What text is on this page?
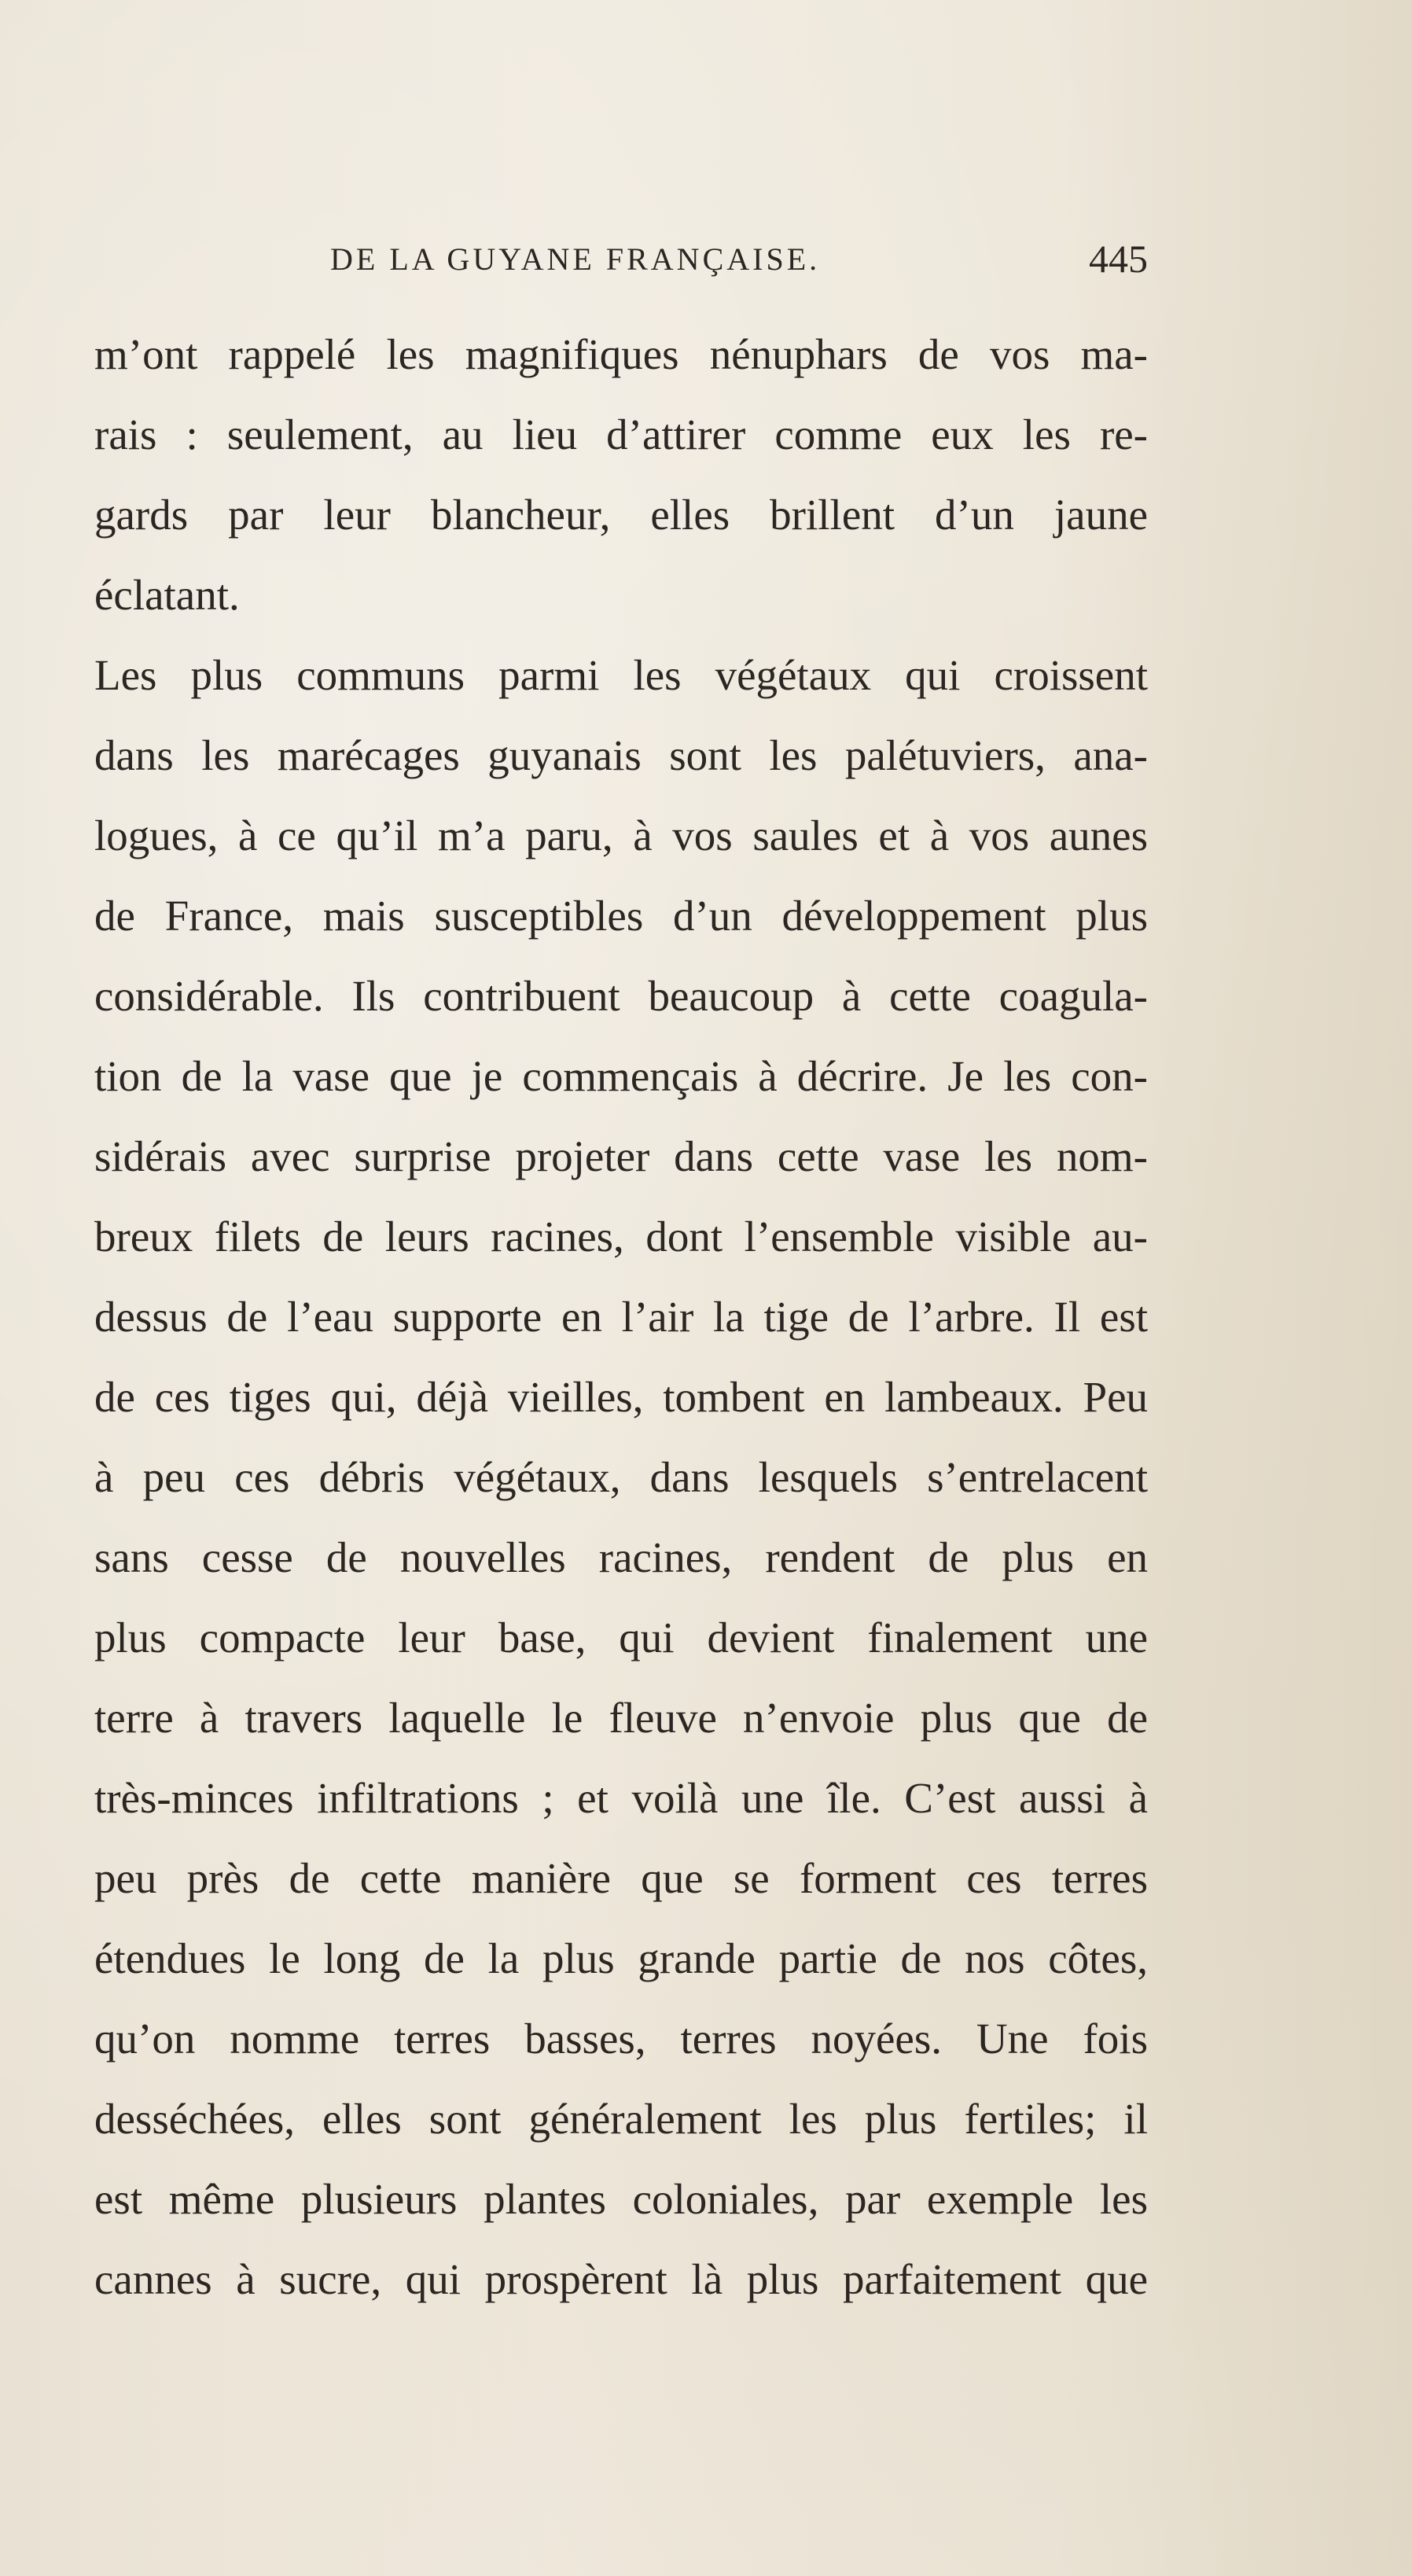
DE LA GUYANE FRANÇAISE.	445
m’ont rappelé les magnifiques nénuphars de vos ma-
rais : seulement, au lieu d’attirer comme eux les re-
gards par leur blancheur, elles brillent d’un jaune
éclatant.
Les plus communs parmi les végétaux qui croissent
dans les marécages guyanais sont les palétuviers, ana-
logues, à ce qu’il m’a paru, à vos saules et à vos aunes
de France, mais susceptibles d’un développement plus
considérable. Ils contribuent beaucoup à cette coagula-
tion de la vase que je commençais à décrire. Je les con-
sidérais avec surprise projeter dans cette vase les nom-
breux filets de leurs racines, dont l’ensemble visible au-
dessus de l’eau supporte en l’air la tige de l’arbre. Il est
de ces tiges qui, déjà vieilles, tombent en lambeaux. Peu
à peu ces débris végétaux, dans lesquels s’entrelacent
sans cesse de nouvelles racines, rendent de plus en
plus compacte leur base, qui devient finalement une
terre à travers laquelle le fleuve n’envoie plus que de
très-minces infiltrations ; et voilà une île. C’est aussi à
peu près de cette manière que se forment ces terres
étendues le long de la plus grande partie de nos côtes,
qu’on nomme terres basses, terres noyées. Une fois
desséchées, elles sont généralement les plus fertiles; il
est même plusieurs plantes coloniales, par exemple les
cannes à sucre, qui prospèrent là plus parfaitement que
